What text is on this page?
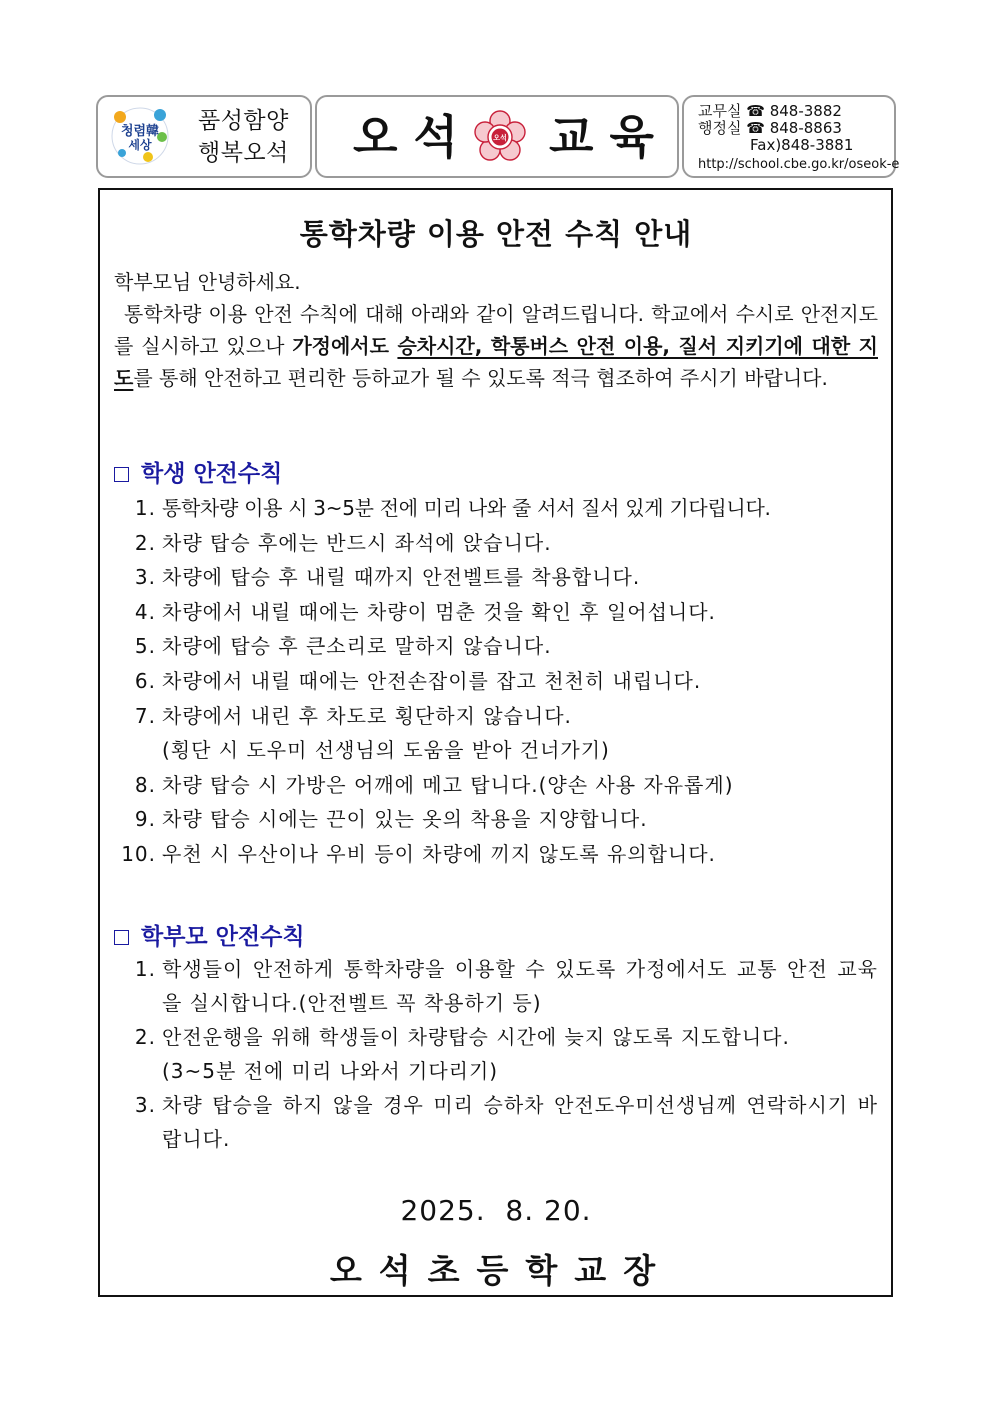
청렴韓
세상
품성함양
행복오석 오 석	오석 교 육	교무실 ☎ 848-3882
행정실 ☎ 848-8863
Fax)848-3881
http://school.cbe.go.kr/oseok-e
통학차량 이용 안전 수칙 안내
학부모님 안녕하세요.
통학차량 이용 안전 수칙에 대해 아래와 같이 알려드립니다. 학교에서 수시로 안전지도를 실시하고 있으나 가정에서도 승차시간, 학통버스 안전 이용, 질서 지키기에 대한 지도를 통해 안전하고 편리한 등하교가 될 수 있도록 적극 협조하여 주시기 바랍니다.
학생 안전수칙
1. 통학차량 이용 시 3~5분 전에 미리 나와 줄 서서 질서 있게 기다립니다.
2. 차량 탑승 후에는 반드시 좌석에 앉습니다.
3. 차량에 탑승 후 내릴 때까지 안전벨트를 착용합니다.
4. 차량에서 내릴 때에는 차량이 멈춘 것을 확인 후 일어섭니다.
5. 차량에 탑승 후 큰소리로 말하지 않습니다.
6. 차량에서 내릴 때에는 안전손잡이를 잡고 천천히 내립니다.
7. 차량에서 내린 후 차도로 횡단하지 않습니다.
(횡단 시 도우미 선생님의 도움을 받아 건너가기)
8. 차량 탑승 시 가방은 어깨에 메고 탑니다.(양손 사용 자유롭게)
9. 차량 탑승 시에는 끈이 있는 옷의 착용을 지양합니다.
10. 우천 시 우산이나 우비 등이 차량에 끼지 않도록 유의합니다.
학부모 안전수칙
1. 학생들이 안전하게 통학차량을 이용할 수 있도록 가정에서도 교통 안전 교육을 실시합니다.(안전벨트 꼭 착용하기 등)
2. 안전운행을 위해 학생들이 차량탑승 시간에 늦지 않도록 지도합니다.
(3~5분 전에 미리 나와서 기다리기)
3. 차량 탑승을 하지 않을 경우 미리 승하차 안전도우미선생님께 연락하시기 바랍니다.
2025.  8. 20.
오석초등학교장
